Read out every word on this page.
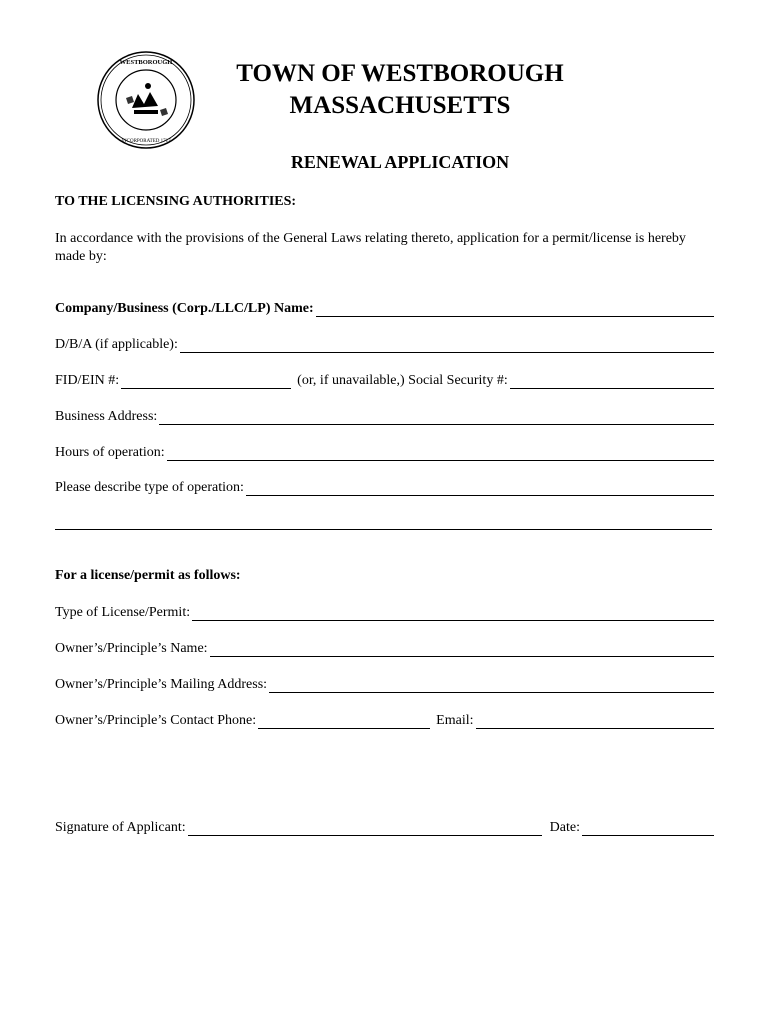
WESTBOROUGH
INCORPORATED 1717
TOWN OF WESTBOROUGH
MASSACHUSETTS
RENEWAL APPLICATION
TO THE LICENSING AUTHORITIES:
In accordance with the provisions of the General Laws relating thereto, application for a permit/license is hereby made by:
Company/Business (Corp./LLC/LP) Name:
D/B/A (if applicable):
FID/EIN #:	(or, if unavailable,) Social Security #:
Business Address:
Hours of operation:
Please describe type of operation:
For a license/permit as follows:
Type of License/Permit:
Owner’s/Principle’s Name:
Owner’s/Principle’s Mailing Address:
Owner’s/Principle’s Contact Phone:	Email:
Signature of Applicant:	Date:
